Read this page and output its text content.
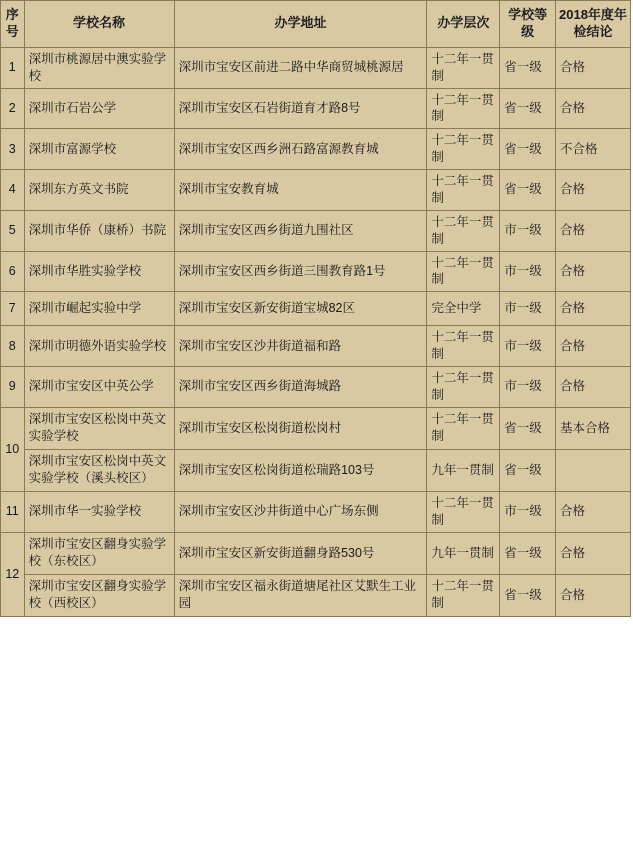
序号	学校名称	办学地址	办学层次	学校等级	2018年度年检结论
1	深圳市桃源居中澳实验学校	深圳市宝安区前进二路中华商贸城桃源居	十二年一贯制	省一级	合格
2	深圳市石岩公学	深圳市宝安区石岩街道育才路8号	十二年一贯制	省一级	合格
3	深圳市富源学校	深圳市宝安区西乡洲石路富源教育城	十二年一贯制	省一级	不合格
4	深圳东方英文书院	深圳市宝安教育城	十二年一贯制	省一级	合格
5	深圳市华侨（康桥）书院	深圳市宝安区西乡街道九围社区	十二年一贯制	市一级	合格
6	深圳市华胜实验学校	深圳市宝安区西乡街道三围教育路1号	十二年一贯制	市一级	合格
7	深圳市崛起实验中学	深圳市宝安区新安街道宝城82区	完全中学	市一级	合格
8	深圳市明德外语实验学校	深圳市宝安区沙井街道福和路	十二年一贯制	市一级	合格
9	深圳市宝安区中英公学	深圳市宝安区西乡街道海城路	十二年一贯制	市一级	合格
10	深圳市宝安区松岗中英文实验学校	深圳市宝安区松岗街道松岗村	十二年一贯制	省一级	基本合格
	深圳市宝安区松岗中英文实验学校（溪头校区）	深圳市宝安区松岗街道松瑞路103号	九年一贯制	省一级	
11	深圳市华一实验学校	深圳市宝安区沙井街道中心广场东侧	十二年一贯制	市一级	合格
12	深圳市宝安区翻身实验学校（东校区）	深圳市宝安区新安街道翻身路530号	九年一贯制	省一级	合格
	深圳市宝安区翻身实验学校（西校区）	深圳市宝安区福永街道塘尾社区艾默生工业园	十二年一贯制	省一级	合格
